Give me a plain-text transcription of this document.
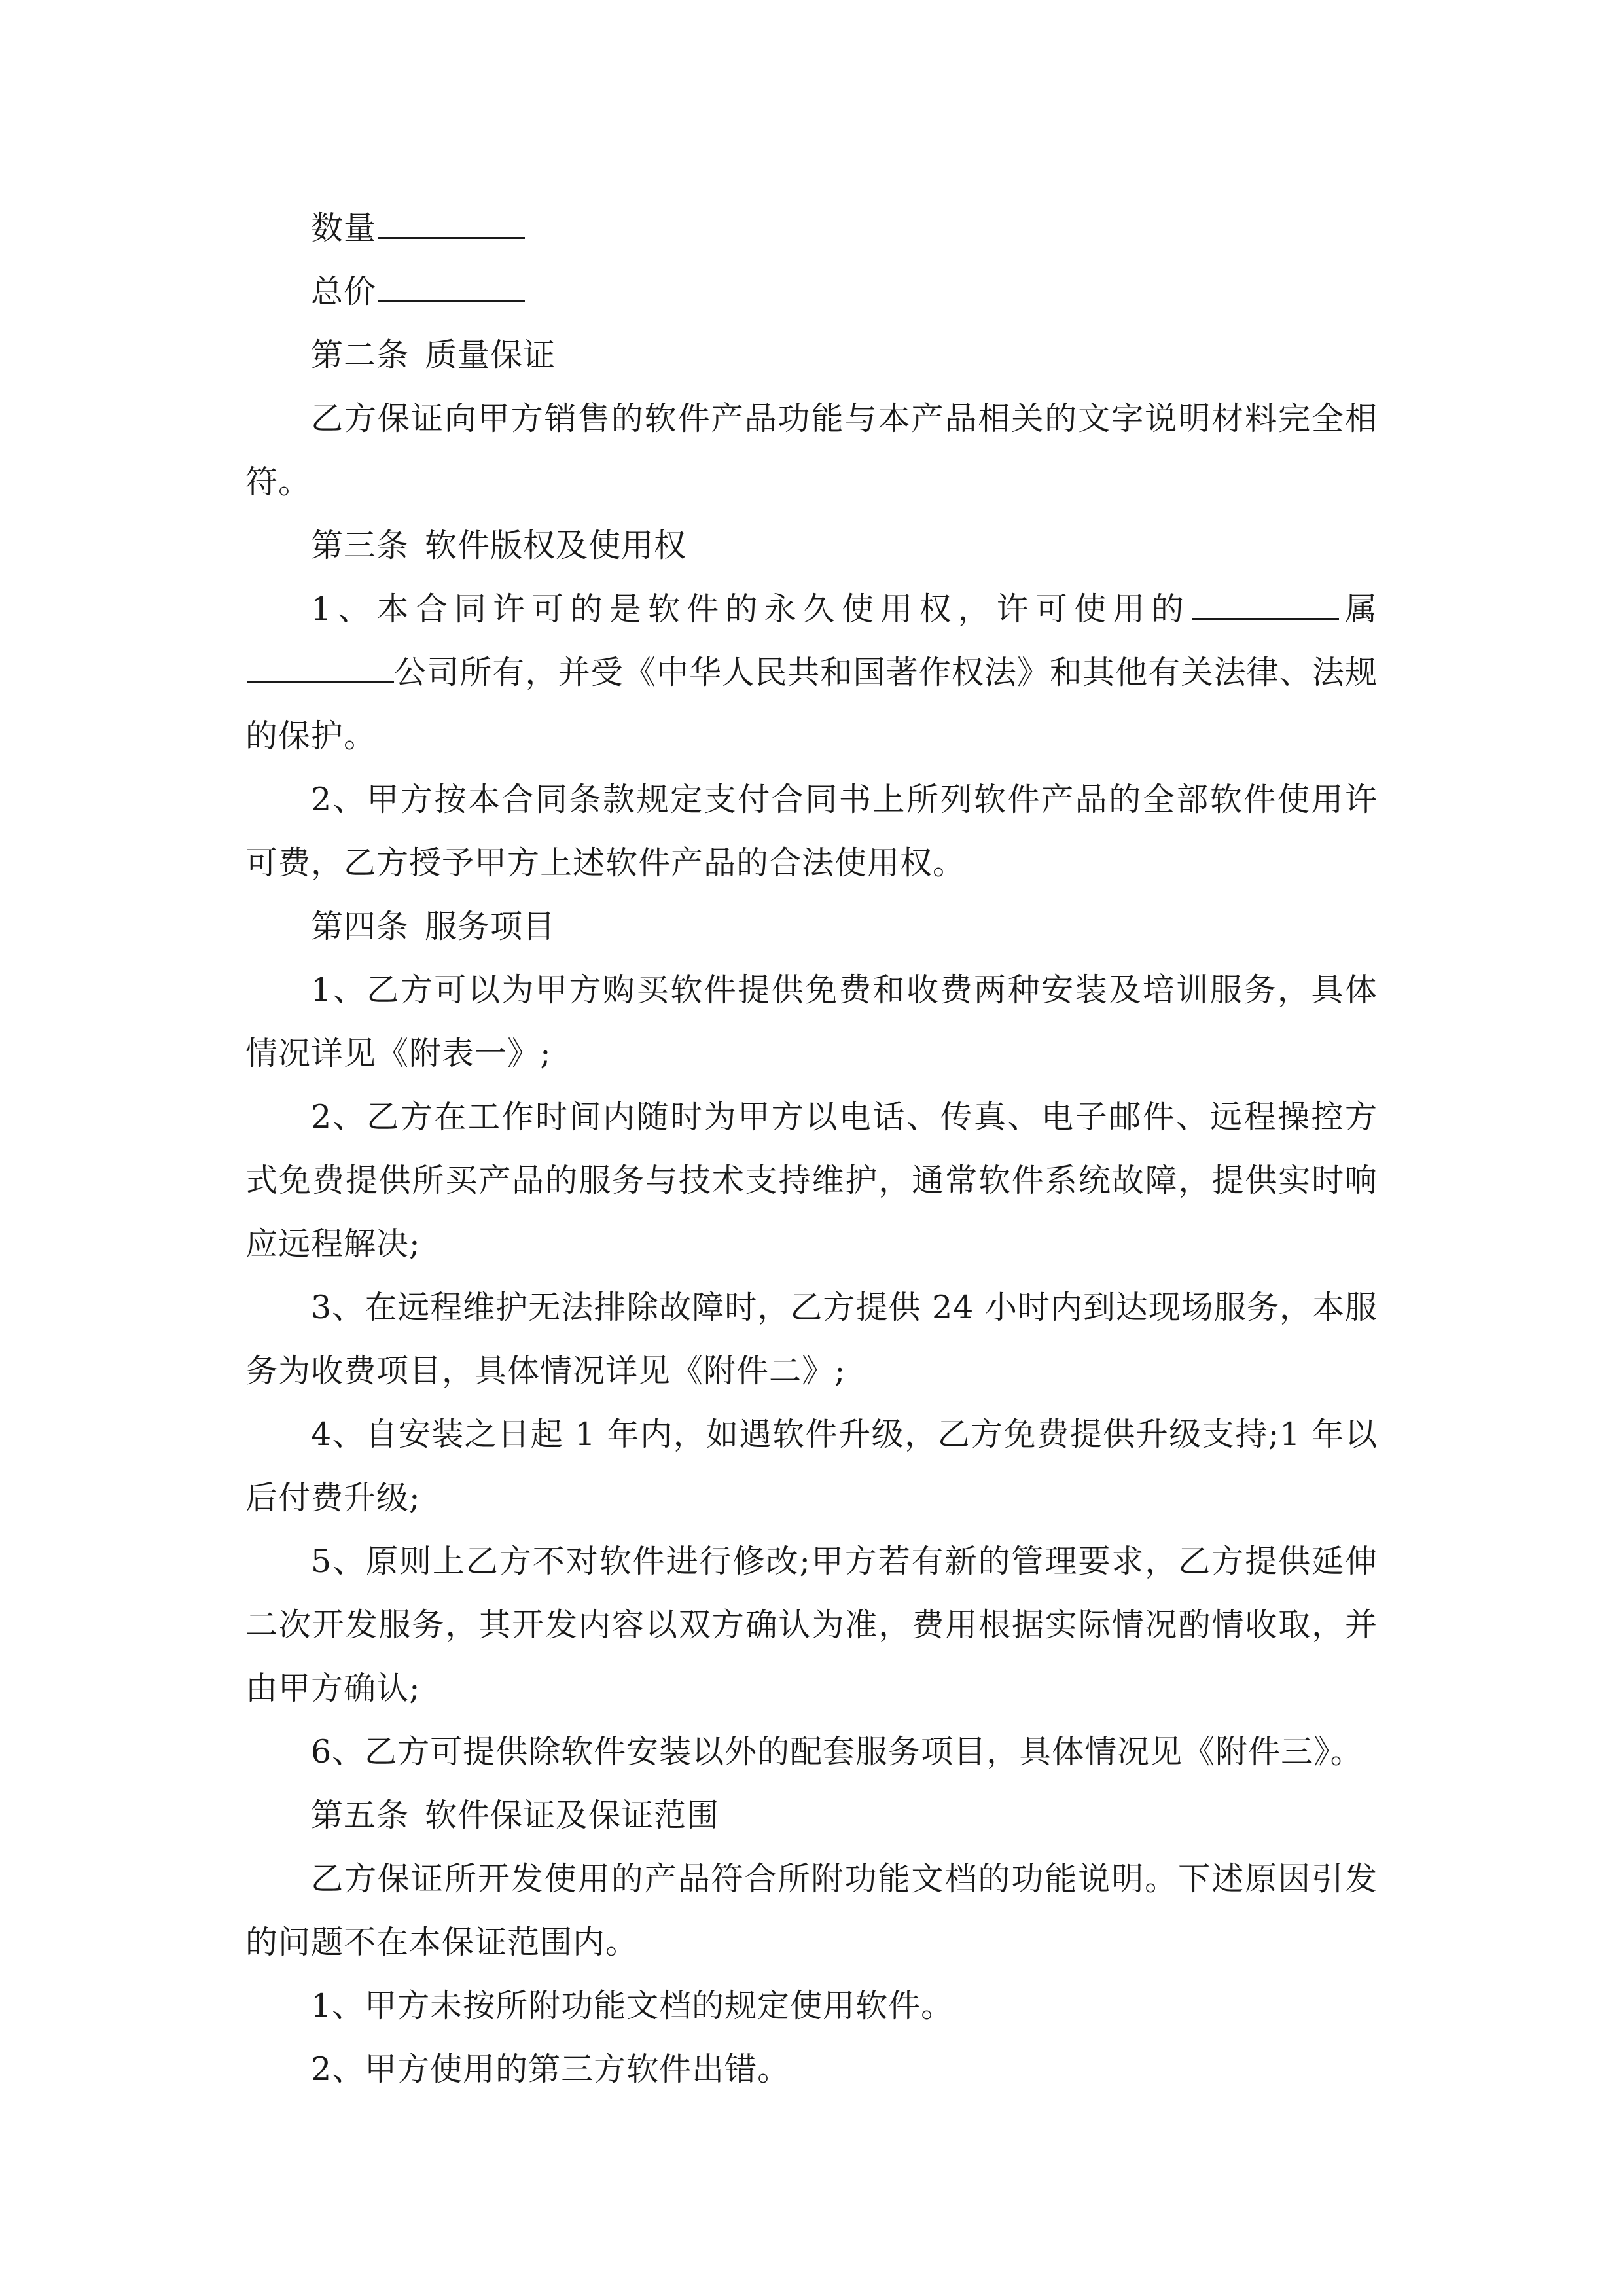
数量

总价

第二条 质量保证

乙方保证向甲方销售的软件产品功能与本产品相关的文字说明材料完全相符。

第三条 软件版权及使用权

1、本合同许可的是软件的永久使用权，许可使用的	属公司所有，并受《中华人民共和国著作权法》和其他有关法律、法规的保护。

2、甲方按本合同条款规定支付合同书上所列软件产品的全部软件使用许可费，乙方授予甲方上述软件产品的合法使用权。

第四条 服务项目

1、乙方可以为甲方购买软件提供免费和收费两种安装及培训服务，具体情况详见《附表一》;

2、乙方在工作时间内随时为甲方以电话、传真、电子邮件、远程操控方式免费提供所买产品的服务与技术支持维护，通常软件系统故障，提供实时响应远程解决;

3、在远程维护无法排除故障时，乙方提供 24 小时内到达现场服务，本服务为收费项目，具体情况详见《附件二》;

4、自安装之日起 1 年内，如遇软件升级，乙方免费提供升级支持;1 年以后付费升级;

5、原则上乙方不对软件进行修改;甲方若有新的管理要求，乙方提供延伸二次开发服务，其开发内容以双方确认为准，费用根据实际情况酌情收取，并由甲方确认;

6、乙方可提供除软件安装以外的配套服务项目，具体情况见《附件三》。

第五条 软件保证及保证范围

乙方保证所开发使用的产品符合所附功能文档的功能说明。下述原因引发的问题不在本保证范围内。

1、甲方未按所附功能文档的规定使用软件。

2、甲方使用的第三方软件出错。
